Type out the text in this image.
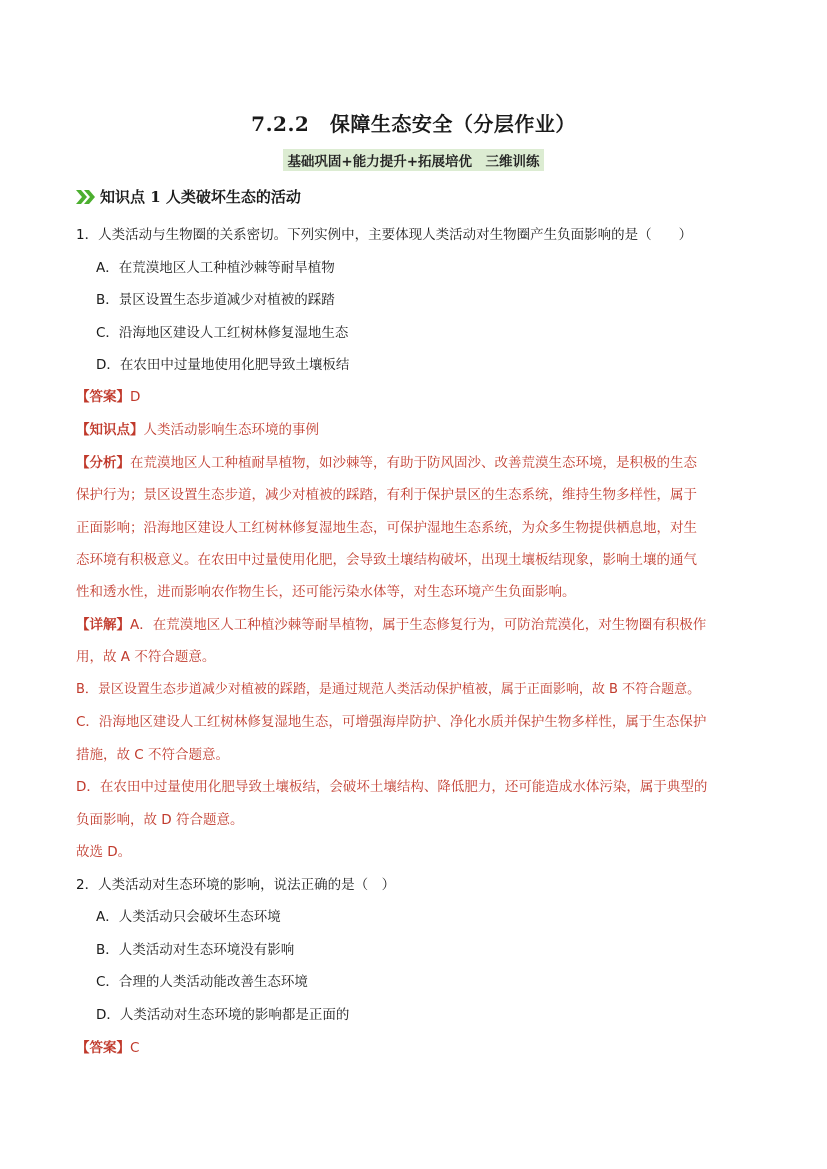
7.2.2　保障生态安全（分层作业）
基础巩固+能力提升+拓展培优　三维训练
知识点 1 人类破坏生态的活动
1．人类活动与生物圈的关系密切。下列实例中，主要体现人类活动对生物圈产生负面影响的是（　　）
A．在荒漠地区人工种植沙棘等耐旱植物
B．景区设置生态步道减少对植被的踩踏
C．沿海地区建设人工红树林修复湿地生态
D．在农田中过量地使用化肥导致土壤板结
【答案】D
【知识点】人类活动影响生态环境的事例
【分析】在荒漠地区人工种植耐旱植物，如沙棘等，有助于防风固沙、改善荒漠生态环境，是积极的生态
保护行为；景区设置生态步道，减少对植被的踩踏，有利于保护景区的生态系统，维持生物多样性，属于
正面影响；沿海地区建设人工红树林修复湿地生态，可保护湿地生态系统，为众多生物提供栖息地，对生
态环境有积极意义。在农田中过量使用化肥，会导致土壤结构破坏，出现土壤板结现象，影响土壤的通气
性和透水性，进而影响农作物生长，还可能污染水体等，对生态环境产生负面影响。
【详解】A．在荒漠地区人工种植沙棘等耐旱植物，属于生态修复行为，可防治荒漠化，对生物圈有积极作
用，故 A 不符合题意。
B．景区设置生态步道减少对植被的踩踏，是通过规范人类活动保护植被，属于正面影响，故 B 不符合题意。
C．沿海地区建设人工红树林修复湿地生态，可增强海岸防护、净化水质并保护生物多样性，属于生态保护
措施，故 C 不符合题意。
D．在农田中过量使用化肥导致土壤板结，会破坏土壤结构、降低肥力，还可能造成水体污染，属于典型的
负面影响，故 D 符合题意。
故选 D。
2．人类活动对生态环境的影响，说法正确的是（　）
A．人类活动只会破坏生态环境
B．人类活动对生态环境没有影响
C．合理的人类活动能改善生态环境
D．人类活动对生态环境的影响都是正面的
【答案】C
